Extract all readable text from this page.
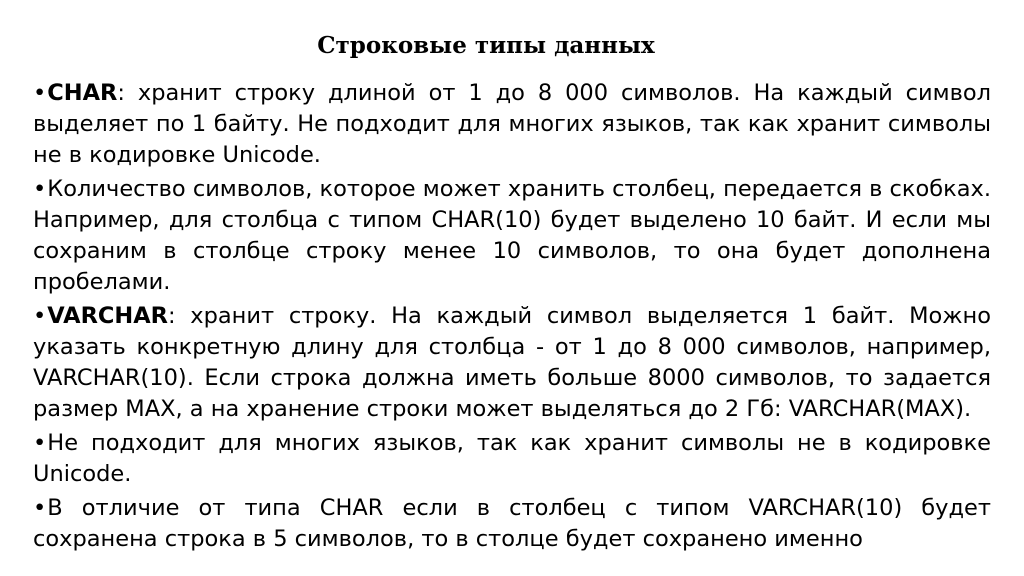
Строковые типы данных

•CHAR: хранит строку длиной от 1 до 8 000 символов. На каждый символ выделяет по 1 байту. Не подходит для многих языков, так как хранит символы не в кодировке Unicode.

•Количество символов, которое может хранить столбец, передается в скобках. Например, для столбца с типом CHAR(10) будет выделено 10 байт. И если мы сохраним в столбце строку менее 10 символов, то она будет дополнена пробелами.

•VARCHAR: хранит строку. На каждый символ выделяется 1 байт. Можно указать конкретную длину для столбца - от 1 до 8 000 символов, например, VARCHAR(10). Если строка должна иметь больше 8000 символов, то задается размер MAX, а на хранение строки может выделяться до 2 Гб: VARCHAR(MAX).

•Не подходит для многих языков, так как хранит символы не в кодировке Unicode.

•В отличие от типа CHAR если в столбец с типом VARCHAR(10) будет сохранена строка в 5 символов, то в столце будет сохранено именно
